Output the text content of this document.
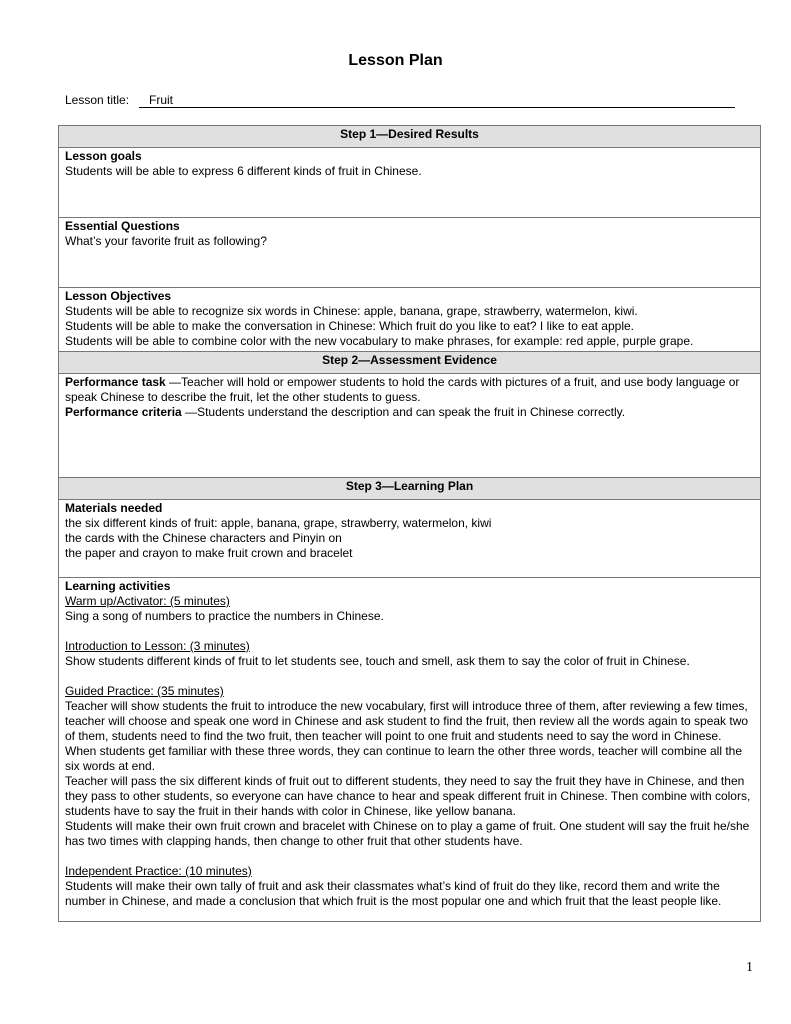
Lesson Plan
Lesson title: Fruit
Step 1—Desired Results

Lesson goals
Students will be able to express 6 different kinds of fruit in Chinese.

Essential Questions
What’s your favorite fruit as following?

Lesson Objectives
Students will be able to recognize six words in Chinese: apple, banana, grape, strawberry, watermelon, kiwi.
Students will be able to make the conversation in Chinese: Which fruit do you like to eat? I like to eat apple.
Students will be able to combine color with the new vocabulary to make phrases, for example: red apple, purple grape.

Step 2—Assessment Evidence

Performance task —Teacher will hold or empower students to hold the cards with pictures of a fruit, and use body language or speak Chinese to describe the fruit, let the other students to guess.
Performance criteria —Students understand the description and can speak the fruit in Chinese correctly.

Step 3—Learning Plan

Materials needed
the six different kinds of fruit: apple, banana, grape, strawberry, watermelon, kiwi
the cards with the Chinese characters and Pinyin on
the paper and crayon to make fruit crown and bracelet

Learning activities
Warm up/Activator: (5 minutes)
Sing a song of numbers to practice the numbers in Chinese.
Introduction to Lesson: (3 minutes)
Show students different kinds of fruit to let students see, touch and smell, ask them to say the color of fruit in Chinese.
Guided Practice: (35 minutes)
Teacher will show students the fruit to introduce the new vocabulary, first will introduce three of them, after reviewing a few times, teacher will choose and speak one word in Chinese and ask student to find the fruit, then review all the words again to speak two of them, students need to find the two fruit, then teacher will point to one fruit and students need to say the word in Chinese. When students get familiar with these three words, they can continue to learn the other three words, teacher will combine all the six words at end.
Teacher will pass the six different kinds of fruit out to different students, they need to say the fruit they have in Chinese, and then they pass to other students, so everyone can have chance to hear and speak different fruit in Chinese. Then combine with colors, students have to say the fruit in their hands with color in Chinese, like yellow banana.
Students will make their own fruit crown and bracelet with Chinese on to play a game of fruit. One student will say the fruit he/she has two times with clapping hands, then change to other fruit that other students have.
Independent Practice: (10 minutes)
Students will make their own tally of fruit and ask their classmates what’s kind of fruit do they like, record them and write the number in Chinese, and made a conclusion that which fruit is the most popular one and which fruit that the least people like.
1
